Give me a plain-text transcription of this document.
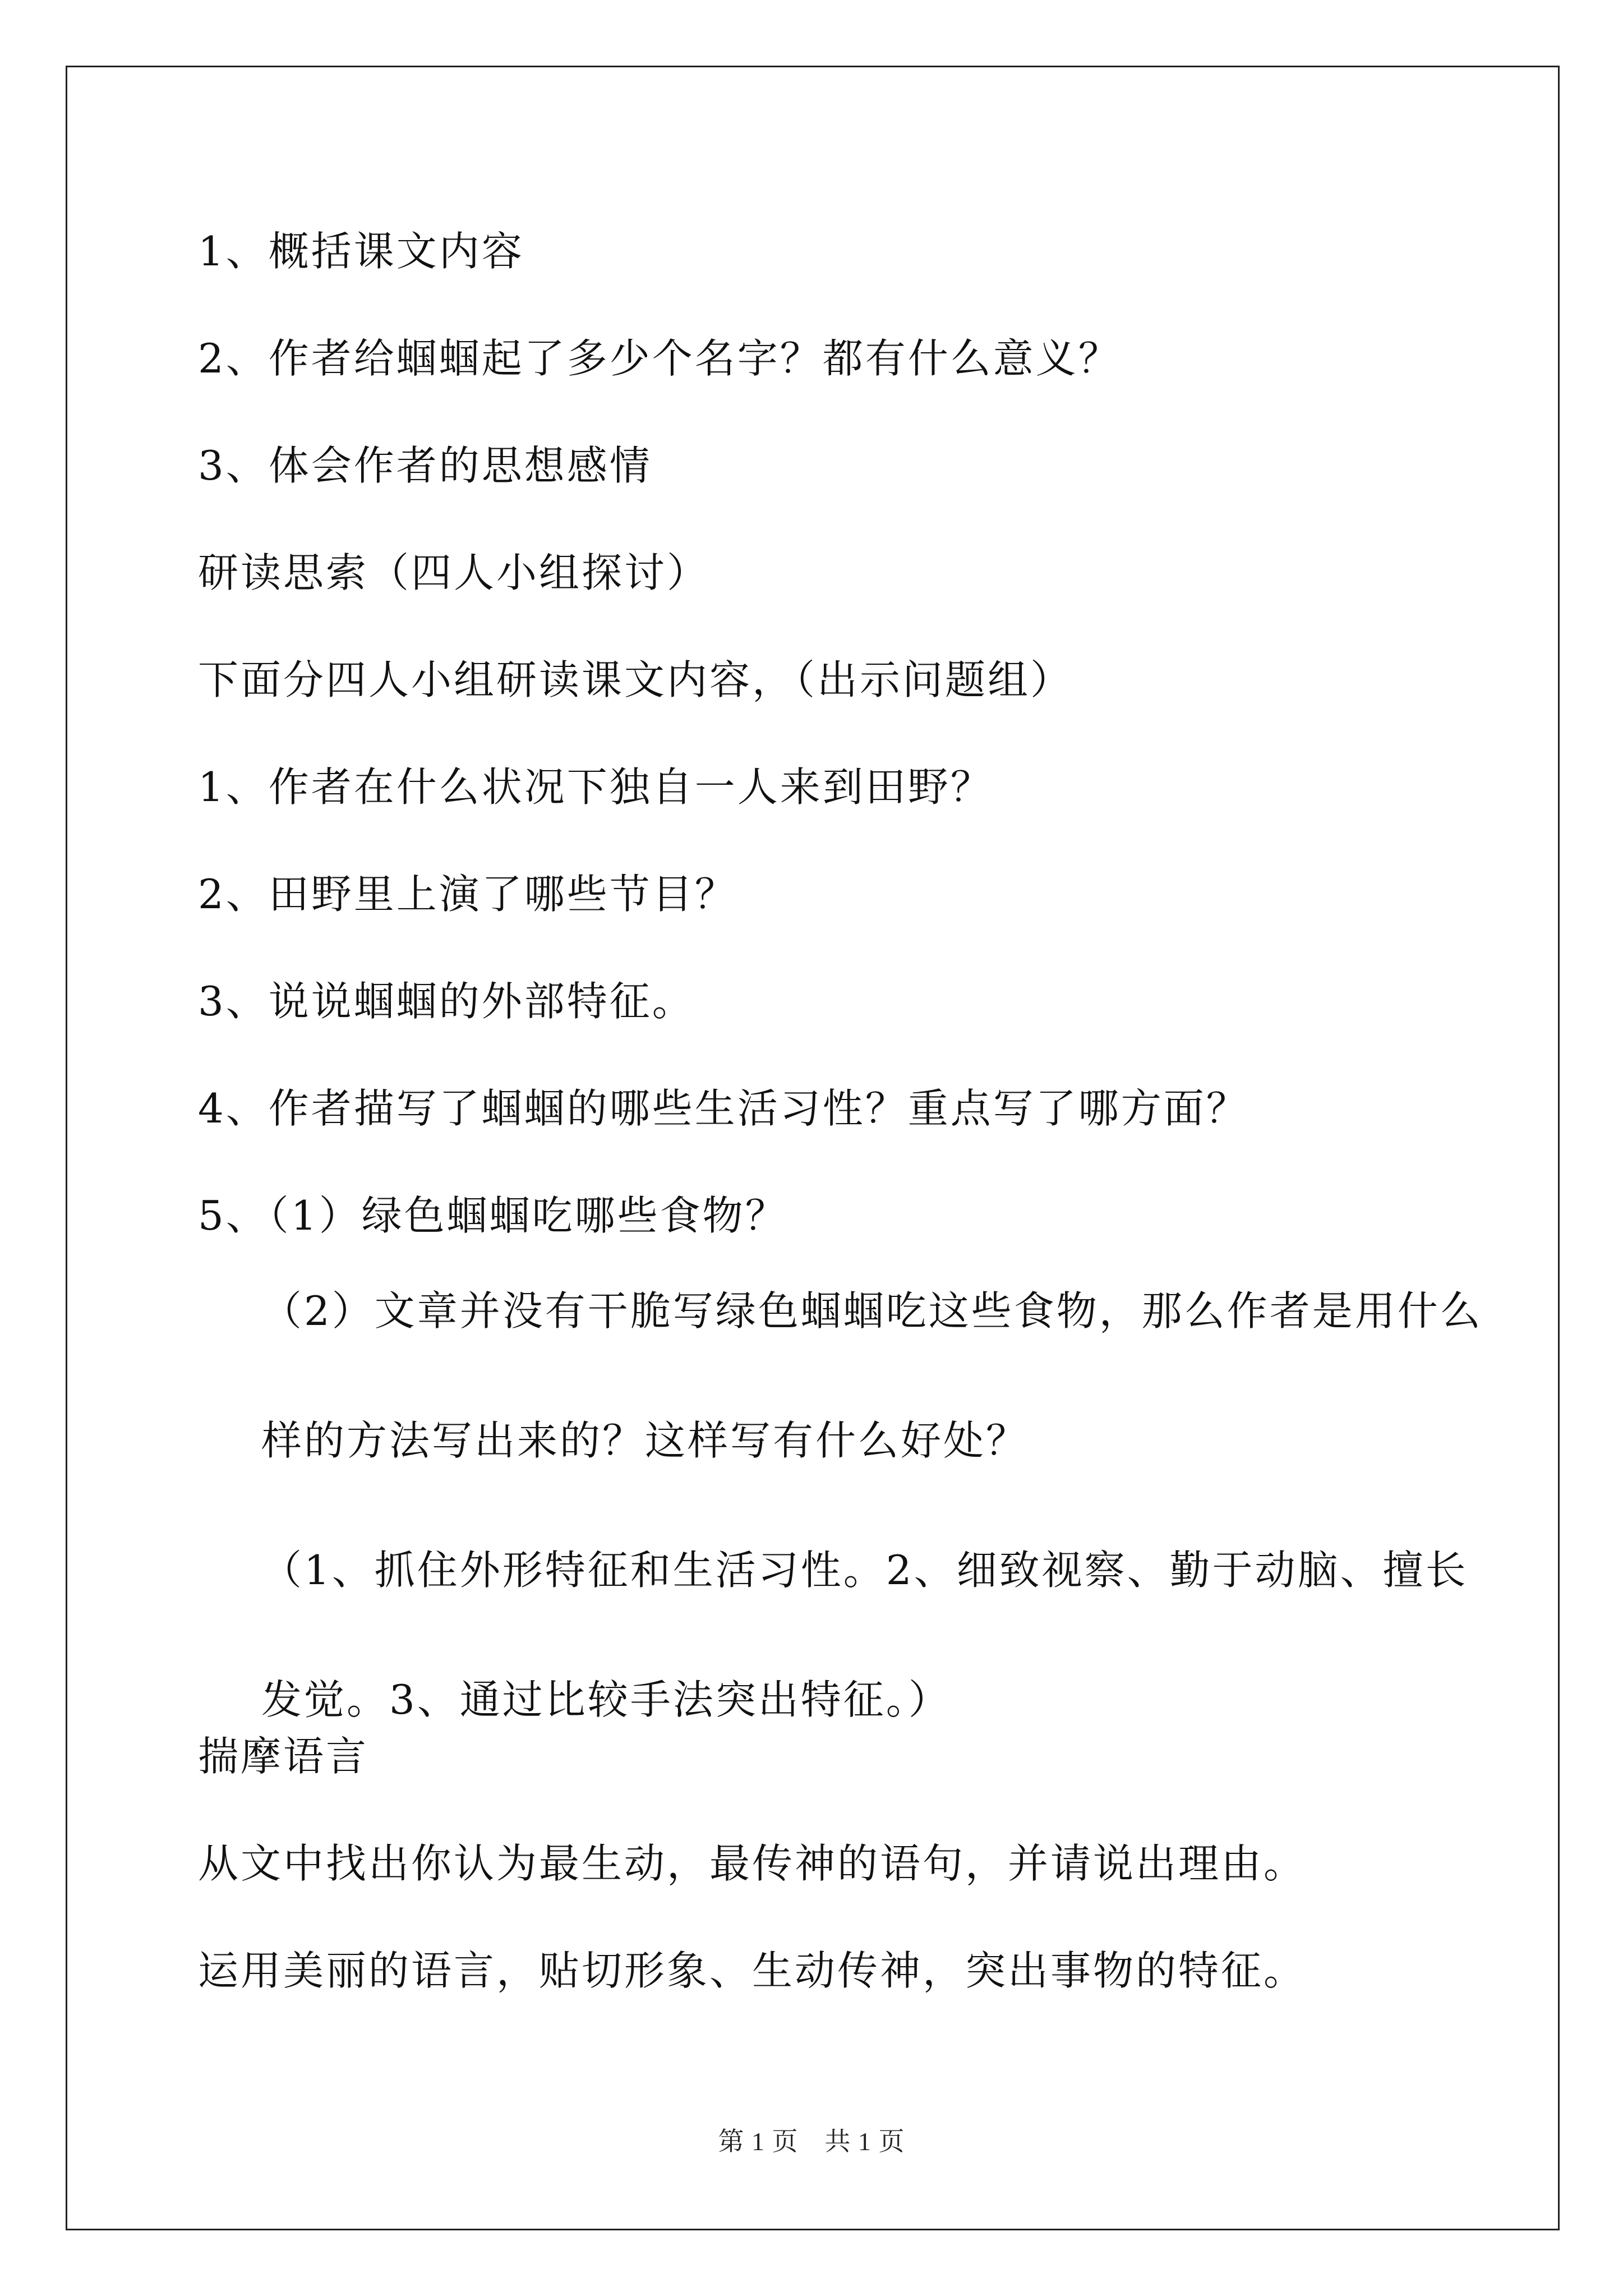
1、概括课文内容

2、作者给蝈蝈起了多少个名字？都有什么意义？

3、体会作者的思想感情

研读思索（四人小组探讨）

下面分四人小组研读课文内容，（出示问题组）

1、作者在什么状况下独自一人来到田野？

2、田野里上演了哪些节目？

3、说说蝈蝈的外部特征。

4、作者描写了蝈蝈的哪些生活习性？重点写了哪方面？

5、（1）绿色蝈蝈吃哪些食物？

（2）文章并没有干脆写绿色蝈蝈吃这些食物，那么作者是用什么样的方法写出来的？这样写有什么好处？

（1、抓住外形特征和生活习性。2、细致视察、勤于动脑、擅长发觉。3、通过比较手法突出特征。）

揣摩语言

从文中找出你认为最生动，最传神的语句，并请说出理由。

运用美丽的语言，贴切形象、生动传神，突出事物的特征。

第 1 页　共 1 页
